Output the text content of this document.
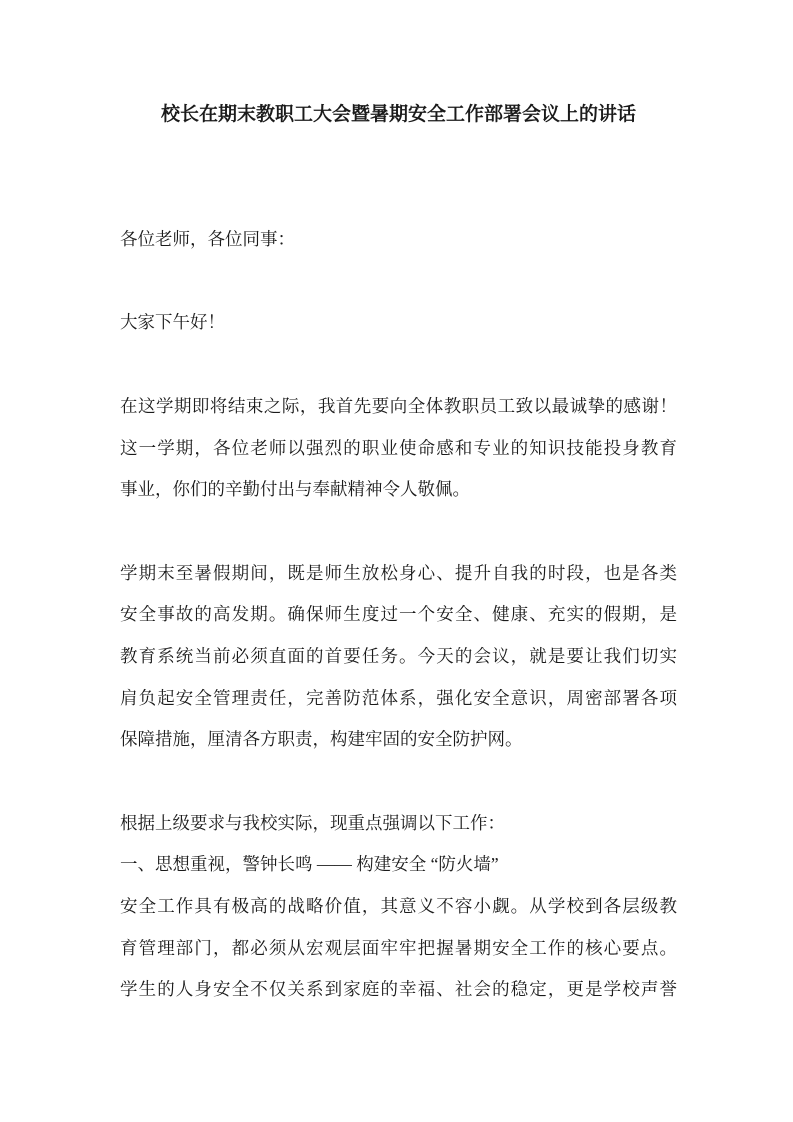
校长在期末教职工大会暨暑期安全工作部署会议上的讲话
各位老师，各位同事：
大家下午好！
在这学期即将结束之际，我首先要向全体教职员工致以最诚挚的感谢！
这一学期，各位老师以强烈的职业使命感和专业的知识技能投身教育
事业，你们的辛勤付出与奉献精神令人敬佩。
学期末至暑假期间，既是师生放松身心、提升自我的时段，也是各类
安全事故的高发期。确保师生度过一个安全、健康、充实的假期，是
教育系统当前必须直面的首要任务。今天的会议，就是要让我们切实
肩负起安全管理责任，完善防范体系，强化安全意识，周密部署各项
保障措施，厘清各方职责，构建牢固的安全防护网。
根据上级要求与我校实际，现重点强调以下工作：
一、思想重视，警钟长鸣 —— 构建安全 “防火墙”
安全工作具有极高的战略价值，其意义不容小觑。从学校到各层级教
育管理部门，都必须从宏观层面牢牢把握暑期安全工作的核心要点。
学生的人身安全不仅关系到家庭的幸福、社会的稳定，更是学校声誉
